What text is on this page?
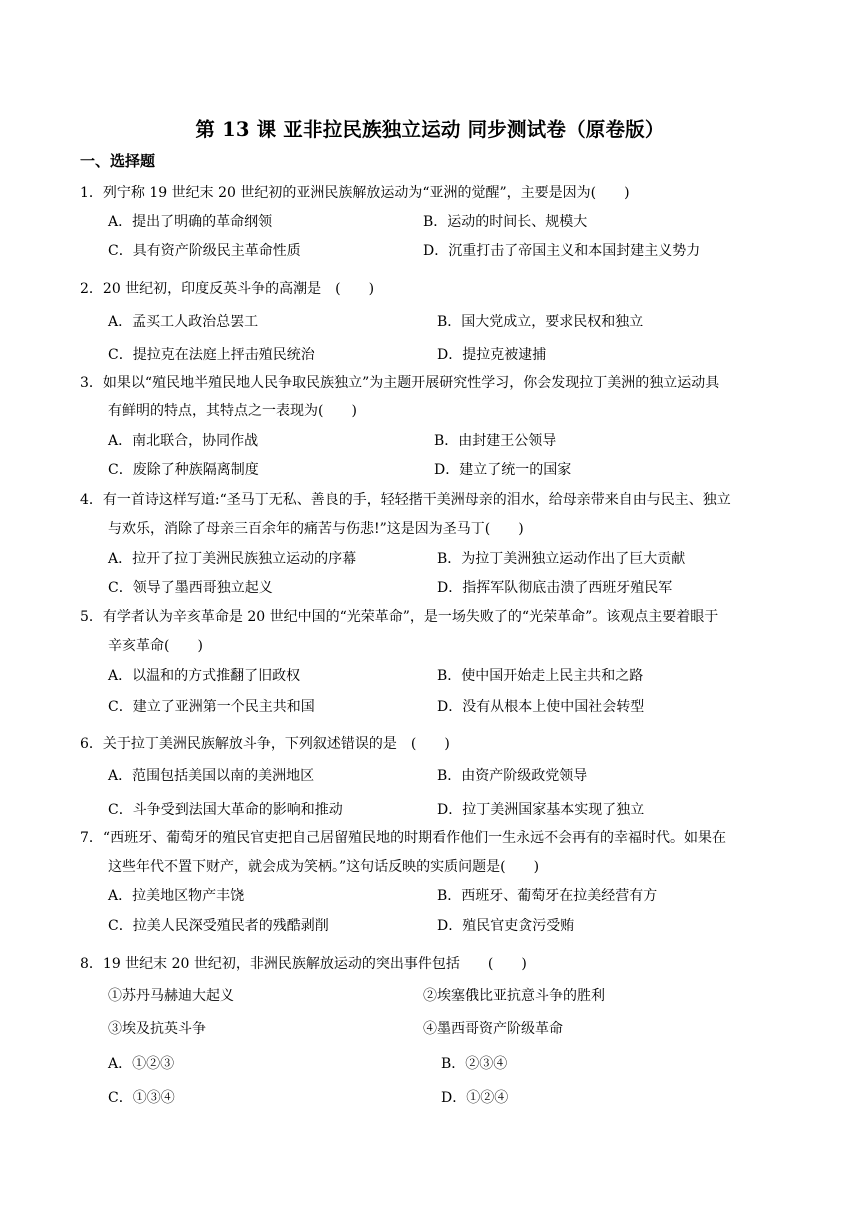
第 13 课 亚非拉民族独立运动 同步测试卷（原卷版）
一、选择题
1．列宁称 19 世纪末 20 世纪初的亚洲民族解放运动为“亚洲的觉醒”，主要是因为(　　)
A．提出了明确的革命纲领	B．运动的时间长、规模大
C．具有资产阶级民主革命性质	D．沉重打击了帝国主义和本国封建主义势力
2．20 世纪初，印度反英斗争的高潮是　(　　)
A．孟买工人政治总罢工	B．国大党成立，要求民权和独立
C．提拉克在法庭上抨击殖民统治	D．提拉克被逮捕
3．如果以“殖民地半殖民地人民争取民族独立”为主题开展研究性学习，你会发现拉丁美洲的独立运动具
有鲜明的特点，其特点之一表现为(　　)
A．南北联合，协同作战	B．由封建王公领导
C．废除了种族隔离制度	D．建立了统一的国家
4．有一首诗这样写道:“圣马丁无私、善良的手，轻轻揩干美洲母亲的泪水，给母亲带来自由与民主、独立
与欢乐，消除了母亲三百余年的痛苦与伤悲!”这是因为圣马丁(　　)
A．拉开了拉丁美洲民族独立运动的序幕	B．为拉丁美洲独立运动作出了巨大贡献
C．领导了墨西哥独立起义	D．指挥军队彻底击溃了西班牙殖民军
5．有学者认为辛亥革命是 20 世纪中国的“光荣革命”，是一场失败了的“光荣革命”。该观点主要着眼于
辛亥革命(　　)
A．以温和的方式推翻了旧政权	B．使中国开始走上民主共和之路
C．建立了亚洲第一个民主共和国	D．没有从根本上使中国社会转型
6．关于拉丁美洲民族解放斗争，下列叙述错误的是　(　　)
A．范围包括美国以南的美洲地区	B．由资产阶级政党领导
C．斗争受到法国大革命的影响和推动	D．拉丁美洲国家基本实现了独立
7．“西班牙、葡萄牙的殖民官吏把自己居留殖民地的时期看作他们一生永远不会再有的幸福时代。如果在
这些年代不置下财产，就会成为笑柄。”这句话反映的实质问题是(　　)
A．拉美地区物产丰饶	B．西班牙、葡萄牙在拉美经营有方
C．拉美人民深受殖民者的残酷剥削	D．殖民官吏贪污受贿
8．19 世纪末 20 世纪初，非洲民族解放运动的突出事件包括　　(　　)
①苏丹马赫迪大起义	②埃塞俄比亚抗意斗争的胜利
③埃及抗英斗争	④墨西哥资产阶级革命
A．①②③	B．②③④
C．①③④	D．①②④
